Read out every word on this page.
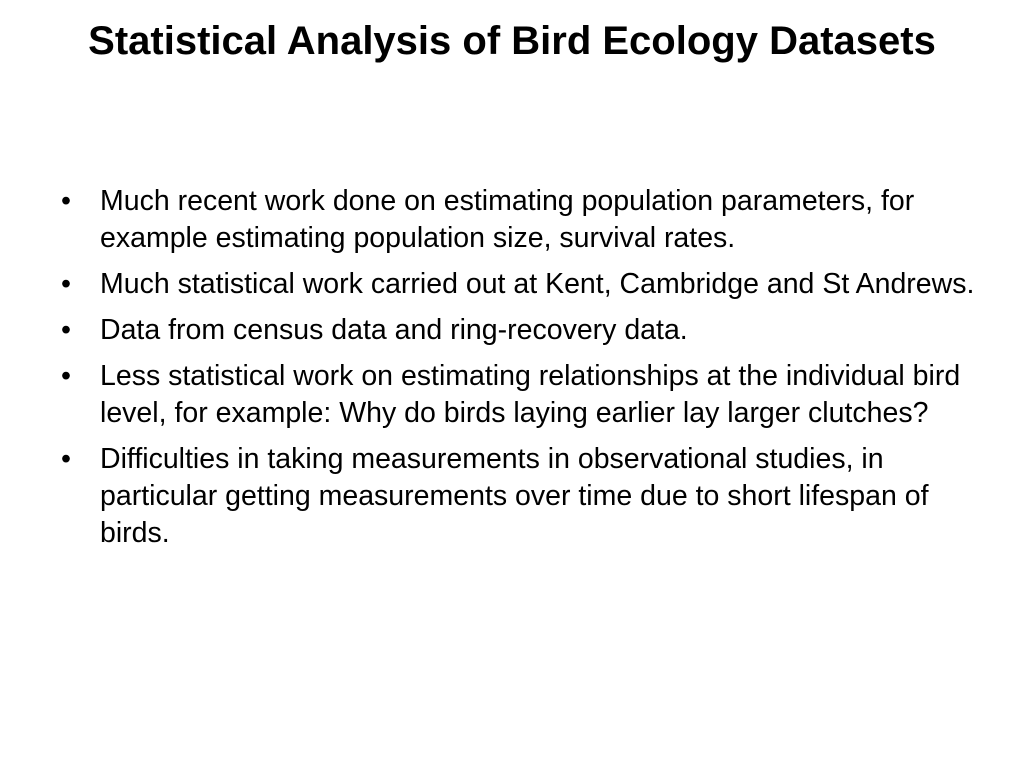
Statistical Analysis of Bird Ecology Datasets
• Much recent work done on estimating population parameters, for example estimating population size, survival rates.
• Much statistical work carried out at Kent, Cambridge and St Andrews.
• Data from census data and ring-recovery data.
• Less statistical work on estimating relationships at the individual bird level, for example: Why do birds laying earlier lay larger clutches?
• Difficulties in taking measurements in observational studies, in particular getting measurements over time due to short lifespan of birds.
